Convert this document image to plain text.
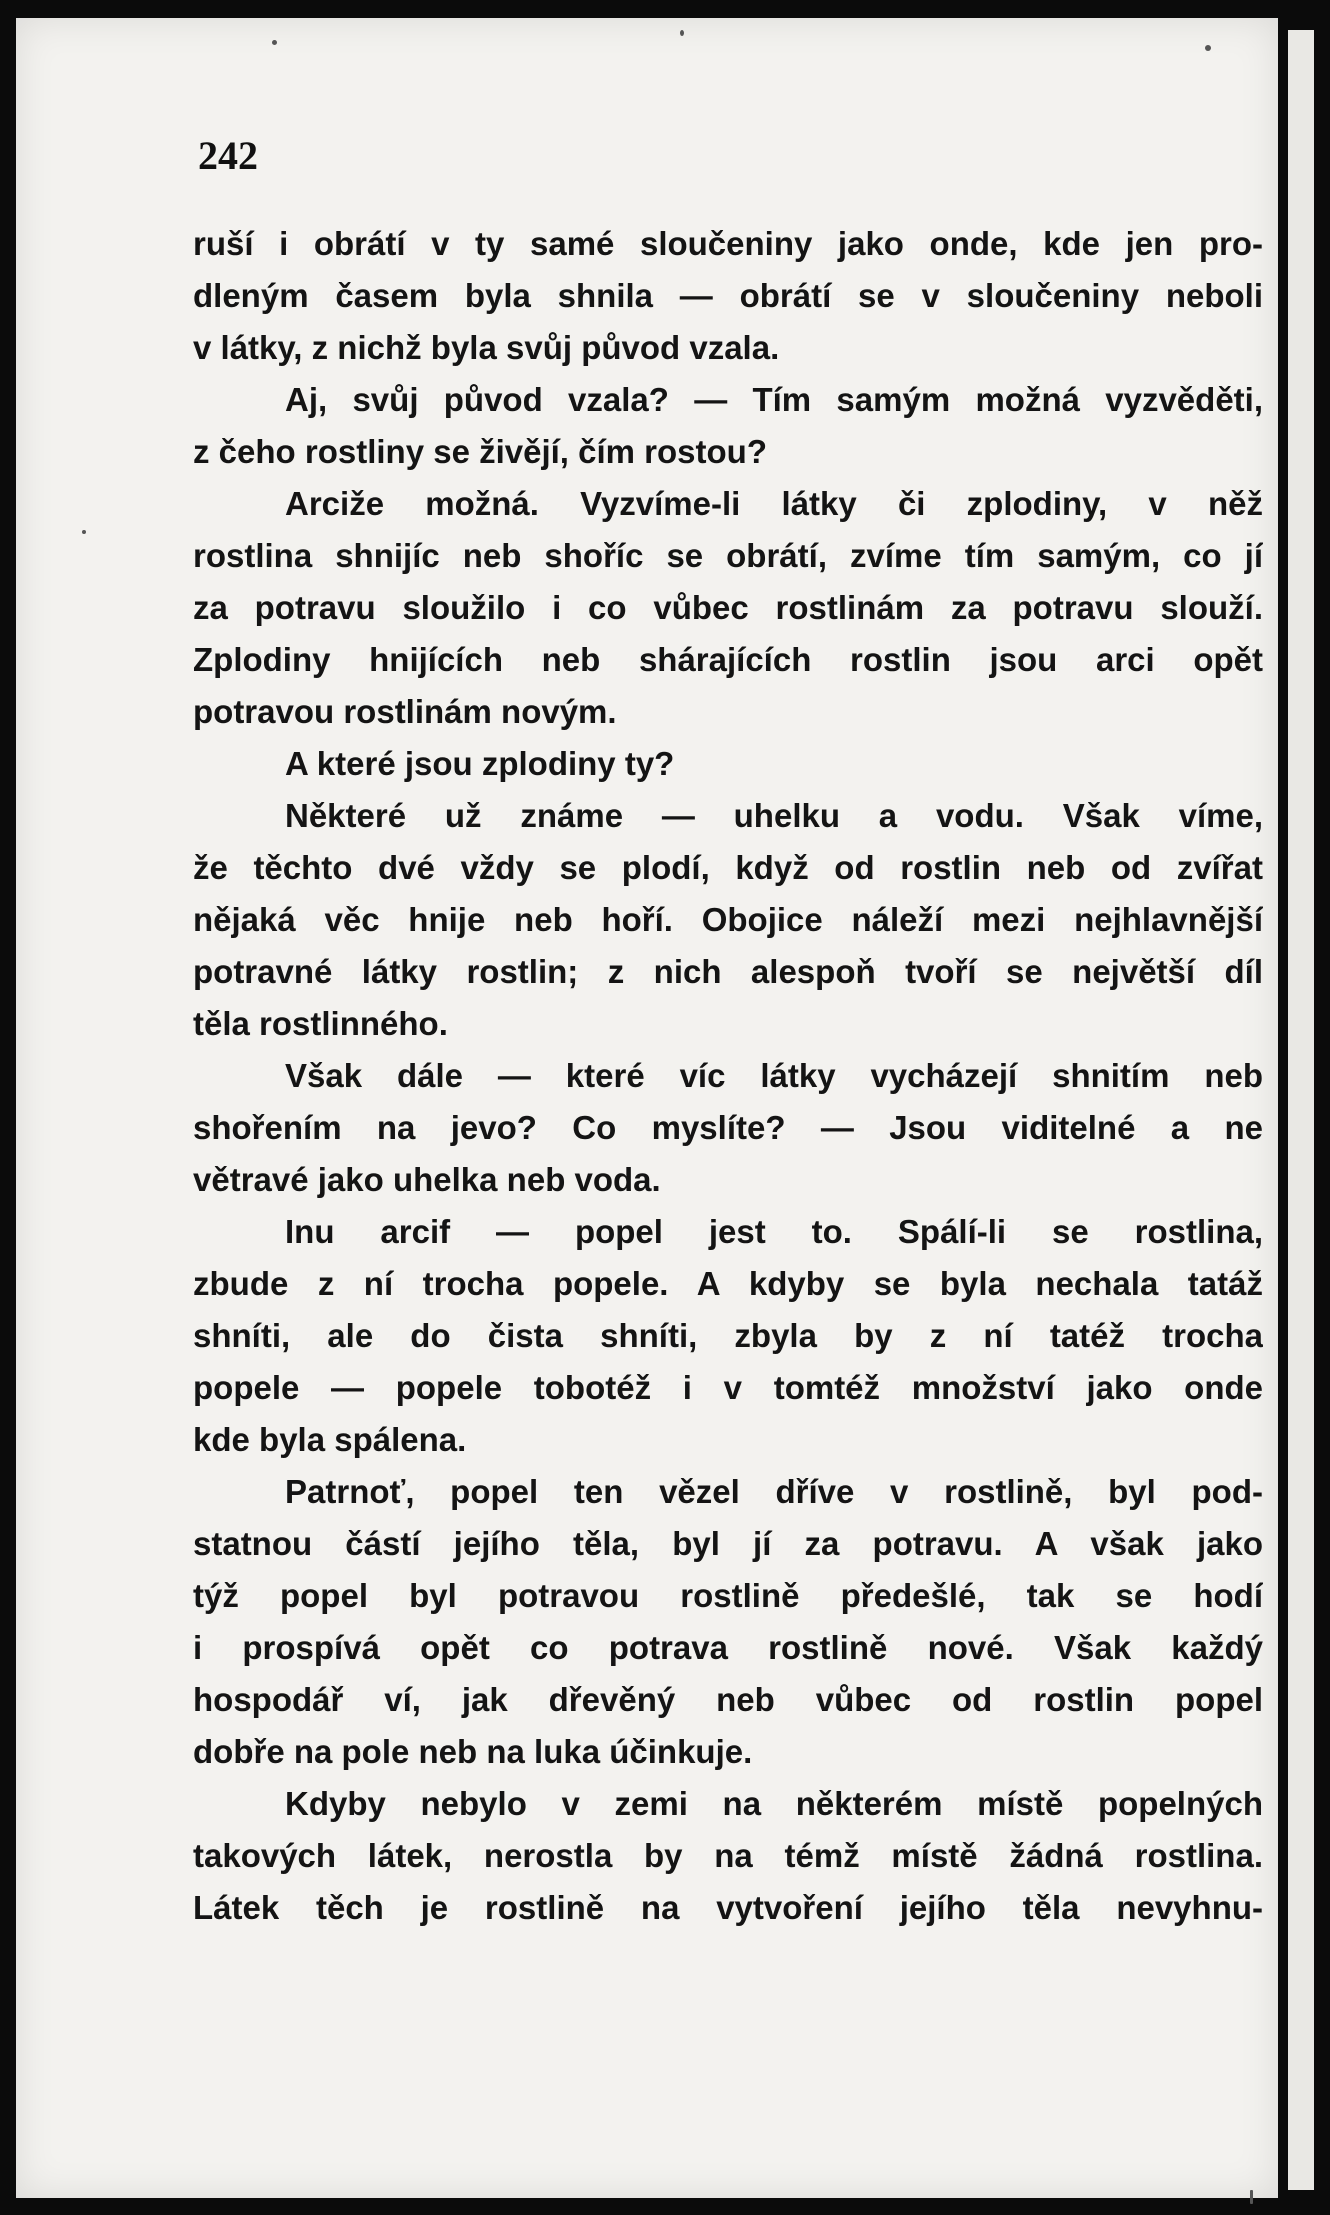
242
ruší i obrátí v ty samé sloučeniny jako onde, kde jen pro-
dleným časem byla shnila — obrátí se v sloučeniny neboli
v látky, z nichž byla svůj původ vzala.
Aj, svůj původ vzala? — Tím samým možná vyzvěděti,
z čeho rostliny se živějí, čím rostou?
Arciže možná. Vyzvíme-li látky či zplodiny, v něž
rostlina shnijíc neb shoříc se obrátí, zvíme tím samým, co jí
za potravu sloužilo i co vůbec rostlinám za potravu slouží.
Zplodiny hnijících neb shárajících rostlin jsou arci opět
potravou rostlinám novým.
A které jsou zplodiny ty?
Některé už známe — uhelku a vodu. Však víme,
že těchto dvé vždy se plodí, když od rostlin neb od zvířat
nějaká věc hnije neb hoří. Obojice náleží mezi nejhlavnější
potravné látky rostlin; z nich alespoň tvoří se největší díl
těla rostlinného.
Však dále — které víc látky vycházejí shnitím neb
shořením na jevo? Co myslíte? — Jsou viditelné a ne
větravé jako uhelka neb voda.
Inu arcif — popel jest to. Spálí-li se rostlina,
zbude z ní trocha popele. A kdyby se byla nechala tatáž
shníti, ale do čista shníti, zbyla by z ní tatéž trocha
popele — popele tobotéž i v tomtéž množství jako onde
kde byla spálena.
Patrnoť, popel ten vězel dříve v rostlině, byl pod-
statnou částí jejího těla, byl jí za potravu. A však jako
týž popel byl potravou rostlině předešlé, tak se hodí
i prospívá opět co potrava rostlině nové. Však každý
hospodář ví, jak dřevěný neb vůbec od rostlin popel
dobře na pole neb na luka účinkuje.
Kdyby nebylo v zemi na některém místě popelných
takových látek, nerostla by na témž místě žádná rostlina.
Látek těch je rostlině na vytvoření jejího těla nevyhnu-
